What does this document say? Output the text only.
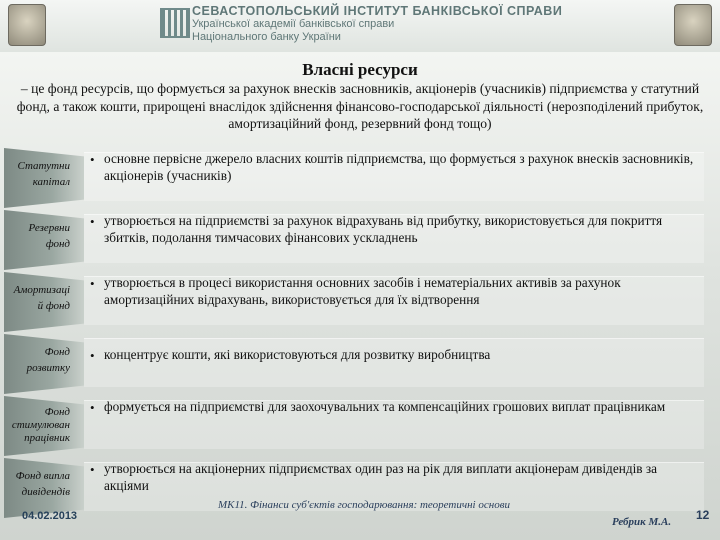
СЕВАСТОПОЛЬСЬКИЙ ІНСТИТУТ БАНКІВСЬКОЇ СПРАВИ
Української академії банківської справи
Національного банку України
Власні ресурси
– це фонд ресурсів, що формується за рахунок внесків засновників, акціонерів (учасників) підприємства у статутний фонд, а також кошти, прирощені внаслідок здійснення фінансово-господарської діяльності (нерозподілений прибуток, амортизаційний фонд, резервний фонд тощо)
Статутни капітал
• основне первісне джерело власних коштів підприємства, що формується з рахунок внесків засновників, акціонерів (учасників)
Резервни фонд
• утворюється на підприємстві за рахунок відрахувань від прибутку, використовується для покриття збитків, подолання тимчасових фінансових ускладнень
Амортизаці й фонд
• утворюється в процесі використання основних засобів і нематеріальних активів за рахунок амортизаційних відрахувань, використовується для їх відтворення
Фонд розвитку
• концентрує кошти, які використовуються для розвитку виробництва
Фонд стимулюван працівник
• формується на підприємстві для заохочувальних та компенсаційних грошових виплат працівникам
Фонд випла дивідендів
• утворюється на акціонерних підприємствах один раз на рік для виплати акціонерам дивідендів за акціями
04.02.2013
МК11. Фінанси суб'єктів господарювання: теоретичні основи
Ребрик М.А. 12
